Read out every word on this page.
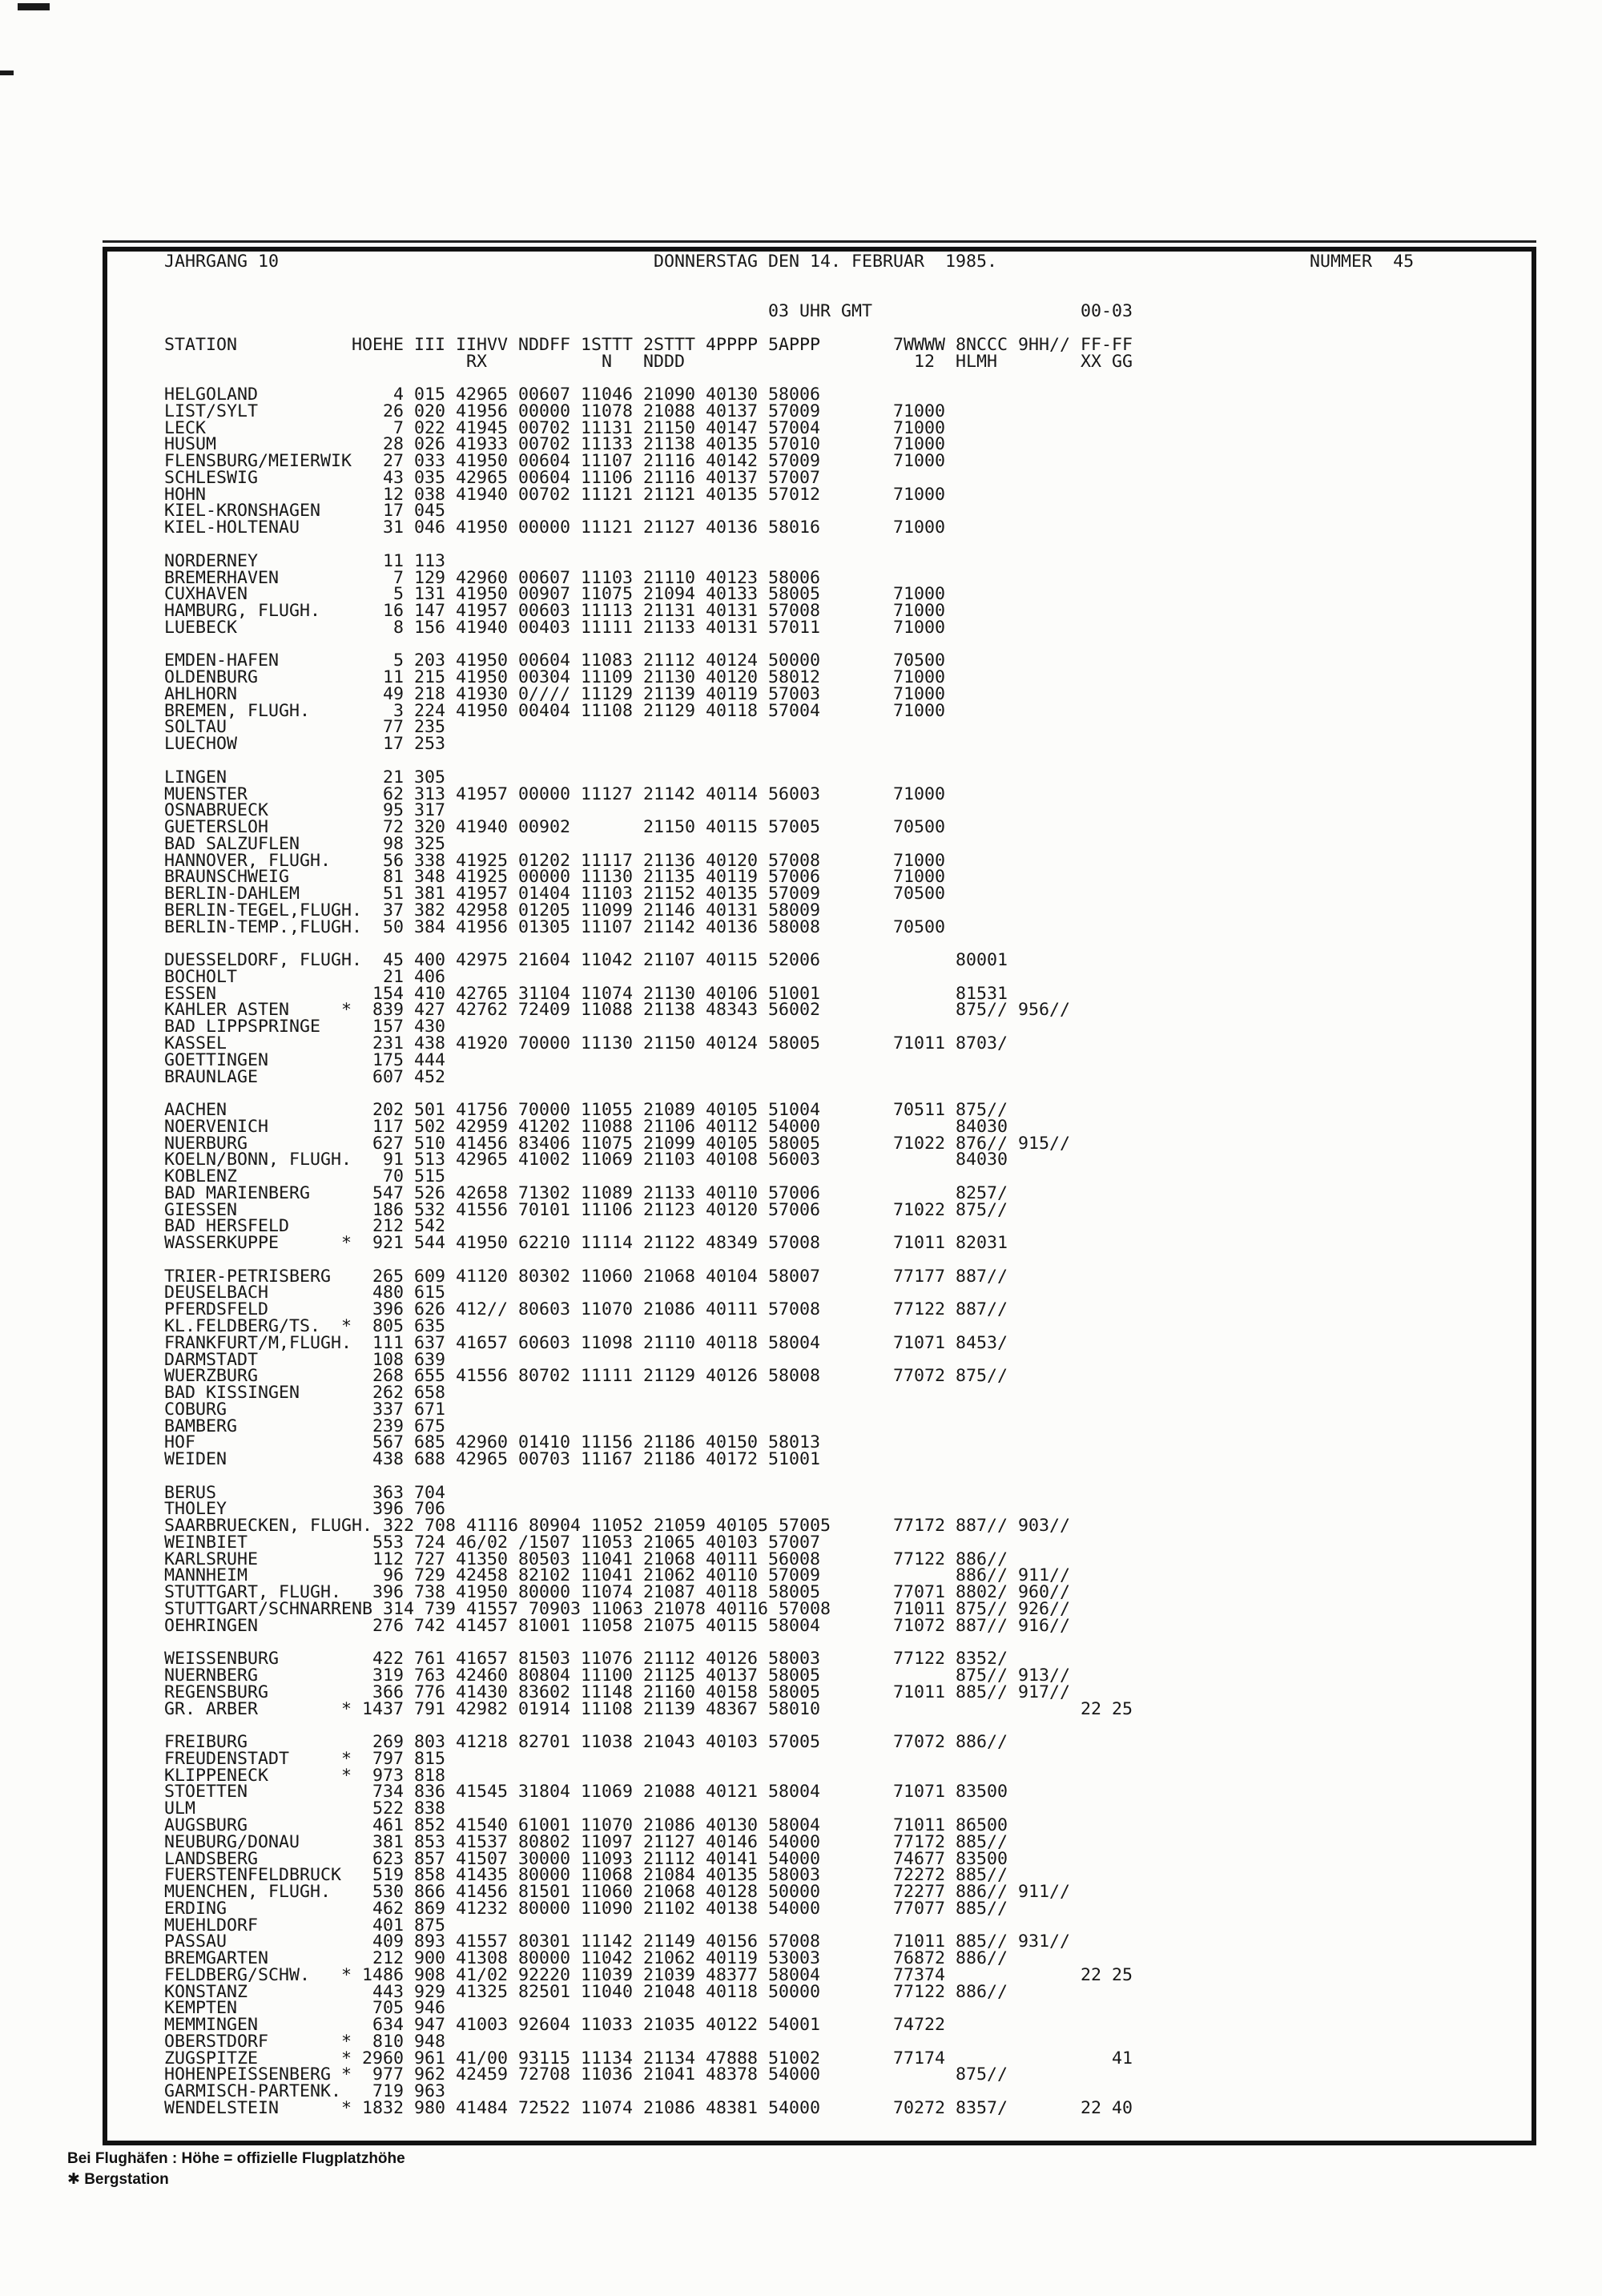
JAHRGANG 10                                    DONNERSTAG DEN 14. FEBRUAR  1985.                              NUMMER  45

03 UHR GMT                    00-03

STATION           HOEHE III IIHVV NDDFF 1STTT 2STTT 4PPPP 5APPP       7WWWW 8NCCC 9HH// FF-FF
RX           N   NDDD                      12  HLMH        XX GG

HELGOLAND             4 015 42965 00607 11046 21090 40130 58006
LIST/SYLT            26 020 41956 00000 11078 21088 40137 57009       71000
LECK                  7 022 41945 00702 11131 21150 40147 57004       71000
HUSUM                28 026 41933 00702 11133 21138 40135 57010       71000
FLENSBURG/MEIERWIK   27 033 41950 00604 11107 21116 40142 57009       71000
SCHLESWIG            43 035 42965 00604 11106 21116 40137 57007
HOHN                 12 038 41940 00702 11121 21121 40135 57012       71000
KIEL-KRONSHAGEN      17 045
KIEL-HOLTENAU        31 046 41950 00000 11121 21127 40136 58016       71000

NORDERNEY            11 113
BREMERHAVEN           7 129 42960 00607 11103 21110 40123 58006
CUXHAVEN              5 131 41950 00907 11075 21094 40133 58005       71000
HAMBURG, FLUGH.      16 147 41957 00603 11113 21131 40131 57008       71000
LUEBECK               8 156 41940 00403 11111 21133 40131 57011       71000

EMDEN-HAFEN           5 203 41950 00604 11083 21112 40124 50000       70500
OLDENBURG            11 215 41950 00304 11109 21130 40120 58012       71000
AHLHORN              49 218 41930 0//// 11129 21139 40119 57003       71000
BREMEN, FLUGH.        3 224 41950 00404 11108 21129 40118 57004       71000
SOLTAU               77 235
LUECHOW              17 253

LINGEN               21 305
MUENSTER             62 313 41957 00000 11127 21142 40114 56003       71000
OSNABRUECK           95 317
GUETERSLOH           72 320 41940 00902       21150 40115 57005       70500
BAD SALZUFLEN        98 325
HANNOVER, FLUGH.     56 338 41925 01202 11117 21136 40120 57008       71000
BRAUNSCHWEIG         81 348 41925 00000 11130 21135 40119 57006       71000
BERLIN-DAHLEM        51 381 41957 01404 11103 21152 40135 57009       70500
BERLIN-TEGEL,FLUGH.  37 382 42958 01205 11099 21146 40131 58009
BERLIN-TEMP.,FLUGH.  50 384 41956 01305 11107 21142 40136 58008       70500

DUESSELDORF, FLUGH.  45 400 42975 21604 11042 21107 40115 52006             80001
BOCHOLT              21 406
ESSEN               154 410 42765 31104 11074 21130 40106 51001             81531
KAHLER ASTEN     *  839 427 42762 72409 11088 21138 48343 56002             875// 956//
BAD LIPPSPRINGE     157 430
KASSEL              231 438 41920 70000 11130 21150 40124 58005       71011 8703/
GOETTINGEN          175 444
BRAUNLAGE           607 452

AACHEN              202 501 41756 70000 11055 21089 40105 51004       70511 875//
NOERVENICH          117 502 42959 41202 11088 21106 40112 54000             84030
NUERBURG            627 510 41456 83406 11075 21099 40105 58005       71022 876// 915//
KOELN/BONN, FLUGH.   91 513 42965 41002 11069 21103 40108 56003             84030
KOBLENZ              70 515
BAD MARIENBERG      547 526 42658 71302 11089 21133 40110 57006             8257/
GIESSEN             186 532 41556 70101 11106 21123 40120 57006       71022 875//
BAD HERSFELD        212 542
WASSERKUPPE      *  921 544 41950 62210 11114 21122 48349 57008       71011 82031

TRIER-PETRISBERG    265 609 41120 80302 11060 21068 40104 58007       77177 887//
DEUSELBACH          480 615
PFERDSFELD          396 626 412// 80603 11070 21086 40111 57008       77122 887//
KL.FELDBERG/TS.  *  805 635
FRANKFURT/M,FLUGH.  111 637 41657 60603 11098 21110 40118 58004       71071 8453/
DARMSTADT           108 639
WUERZBURG           268 655 41556 80702 11111 21129 40126 58008       77072 875//
BAD KISSINGEN       262 658
COBURG              337 671
BAMBERG             239 675
HOF                 567 685 42960 01410 11156 21186 40150 58013
WEIDEN              438 688 42965 00703 11167 21186 40172 51001

BERUS               363 704
THOLEY              396 706
SAARBRUECKEN, FLUGH. 322 708 41116 80904 11052 21059 40105 57005      77172 887// 903//
WEINBIET            553 724 46/02 /1507 11053 21065 40103 57007
KARLSRUHE           112 727 41350 80503 11041 21068 40111 56008       77122 886//
MANNHEIM             96 729 42458 82102 11041 21062 40110 57009             886// 911//
STUTTGART, FLUGH.   396 738 41950 80000 11074 21087 40118 58005       77071 8802/ 960//
STUTTGART/SCHNARRENB 314 739 41557 70903 11063 21078 40116 57008      71011 875// 926//
OEHRINGEN           276 742 41457 81001 11058 21075 40115 58004       71072 887// 916//

WEISSENBURG         422 761 41657 81503 11076 21112 40126 58003       77122 8352/
NUERNBERG           319 763 42460 80804 11100 21125 40137 58005             875// 913//
REGENSBURG          366 776 41430 83602 11148 21160 40158 58005       71011 885// 917//
GR. ARBER        * 1437 791 42982 01914 11108 21139 48367 58010                         22 25

FREIBURG            269 803 41218 82701 11038 21043 40103 57005       77072 886//
FREUDENSTADT     *  797 815
KLIPPENECK       *  973 818
STOETTEN            734 836 41545 31804 11069 21088 40121 58004       71071 83500
ULM                 522 838
AUGSBURG            461 852 41540 61001 11070 21086 40130 58004       71011 86500
NEUBURG/DONAU       381 853 41537 80802 11097 21127 40146 54000       77172 885//
LANDSBERG           623 857 41507 30000 11093 21112 40141 54000       74677 83500
FUERSTENFELDBRUCK   519 858 41435 80000 11068 21084 40135 58003       72272 885//
MUENCHEN, FLUGH.    530 866 41456 81501 11060 21068 40128 50000       72277 886// 911//
ERDING              462 869 41232 80000 11090 21102 40138 54000       77077 885//
MUEHLDORF           401 875
PASSAU              409 893 41557 80301 11142 21149 40156 57008       71011 885// 931//
BREMGARTEN          212 900 41308 80000 11042 21062 40119 53003       76872 886//
FELDBERG/SCHW.   * 1486 908 41/02 92220 11039 21039 48377 58004       77374             22 25
KONSTANZ            443 929 41325 82501 11040 21048 40118 50000       77122 886//
KEMPTEN             705 946
MEMMINGEN           634 947 41003 92604 11033 21035 40122 54001       74722
OBERSTDORF       *  810 948
ZUGSPITZE        * 2960 961 41/00 93115 11134 21134 47888 51002       77174                41
HOHENPEISSENBERG *  977 962 42459 72708 11036 21041 48378 54000             875//
GARMISCH-PARTENK.   719 963
WENDELSTEIN      * 1832 980 41484 72522 11074 21086 48381 54000       70272 8357/       22 40
Bei Flughäfen : Höhe = offizielle Flugplatzhöhe
✱ Bergstation
